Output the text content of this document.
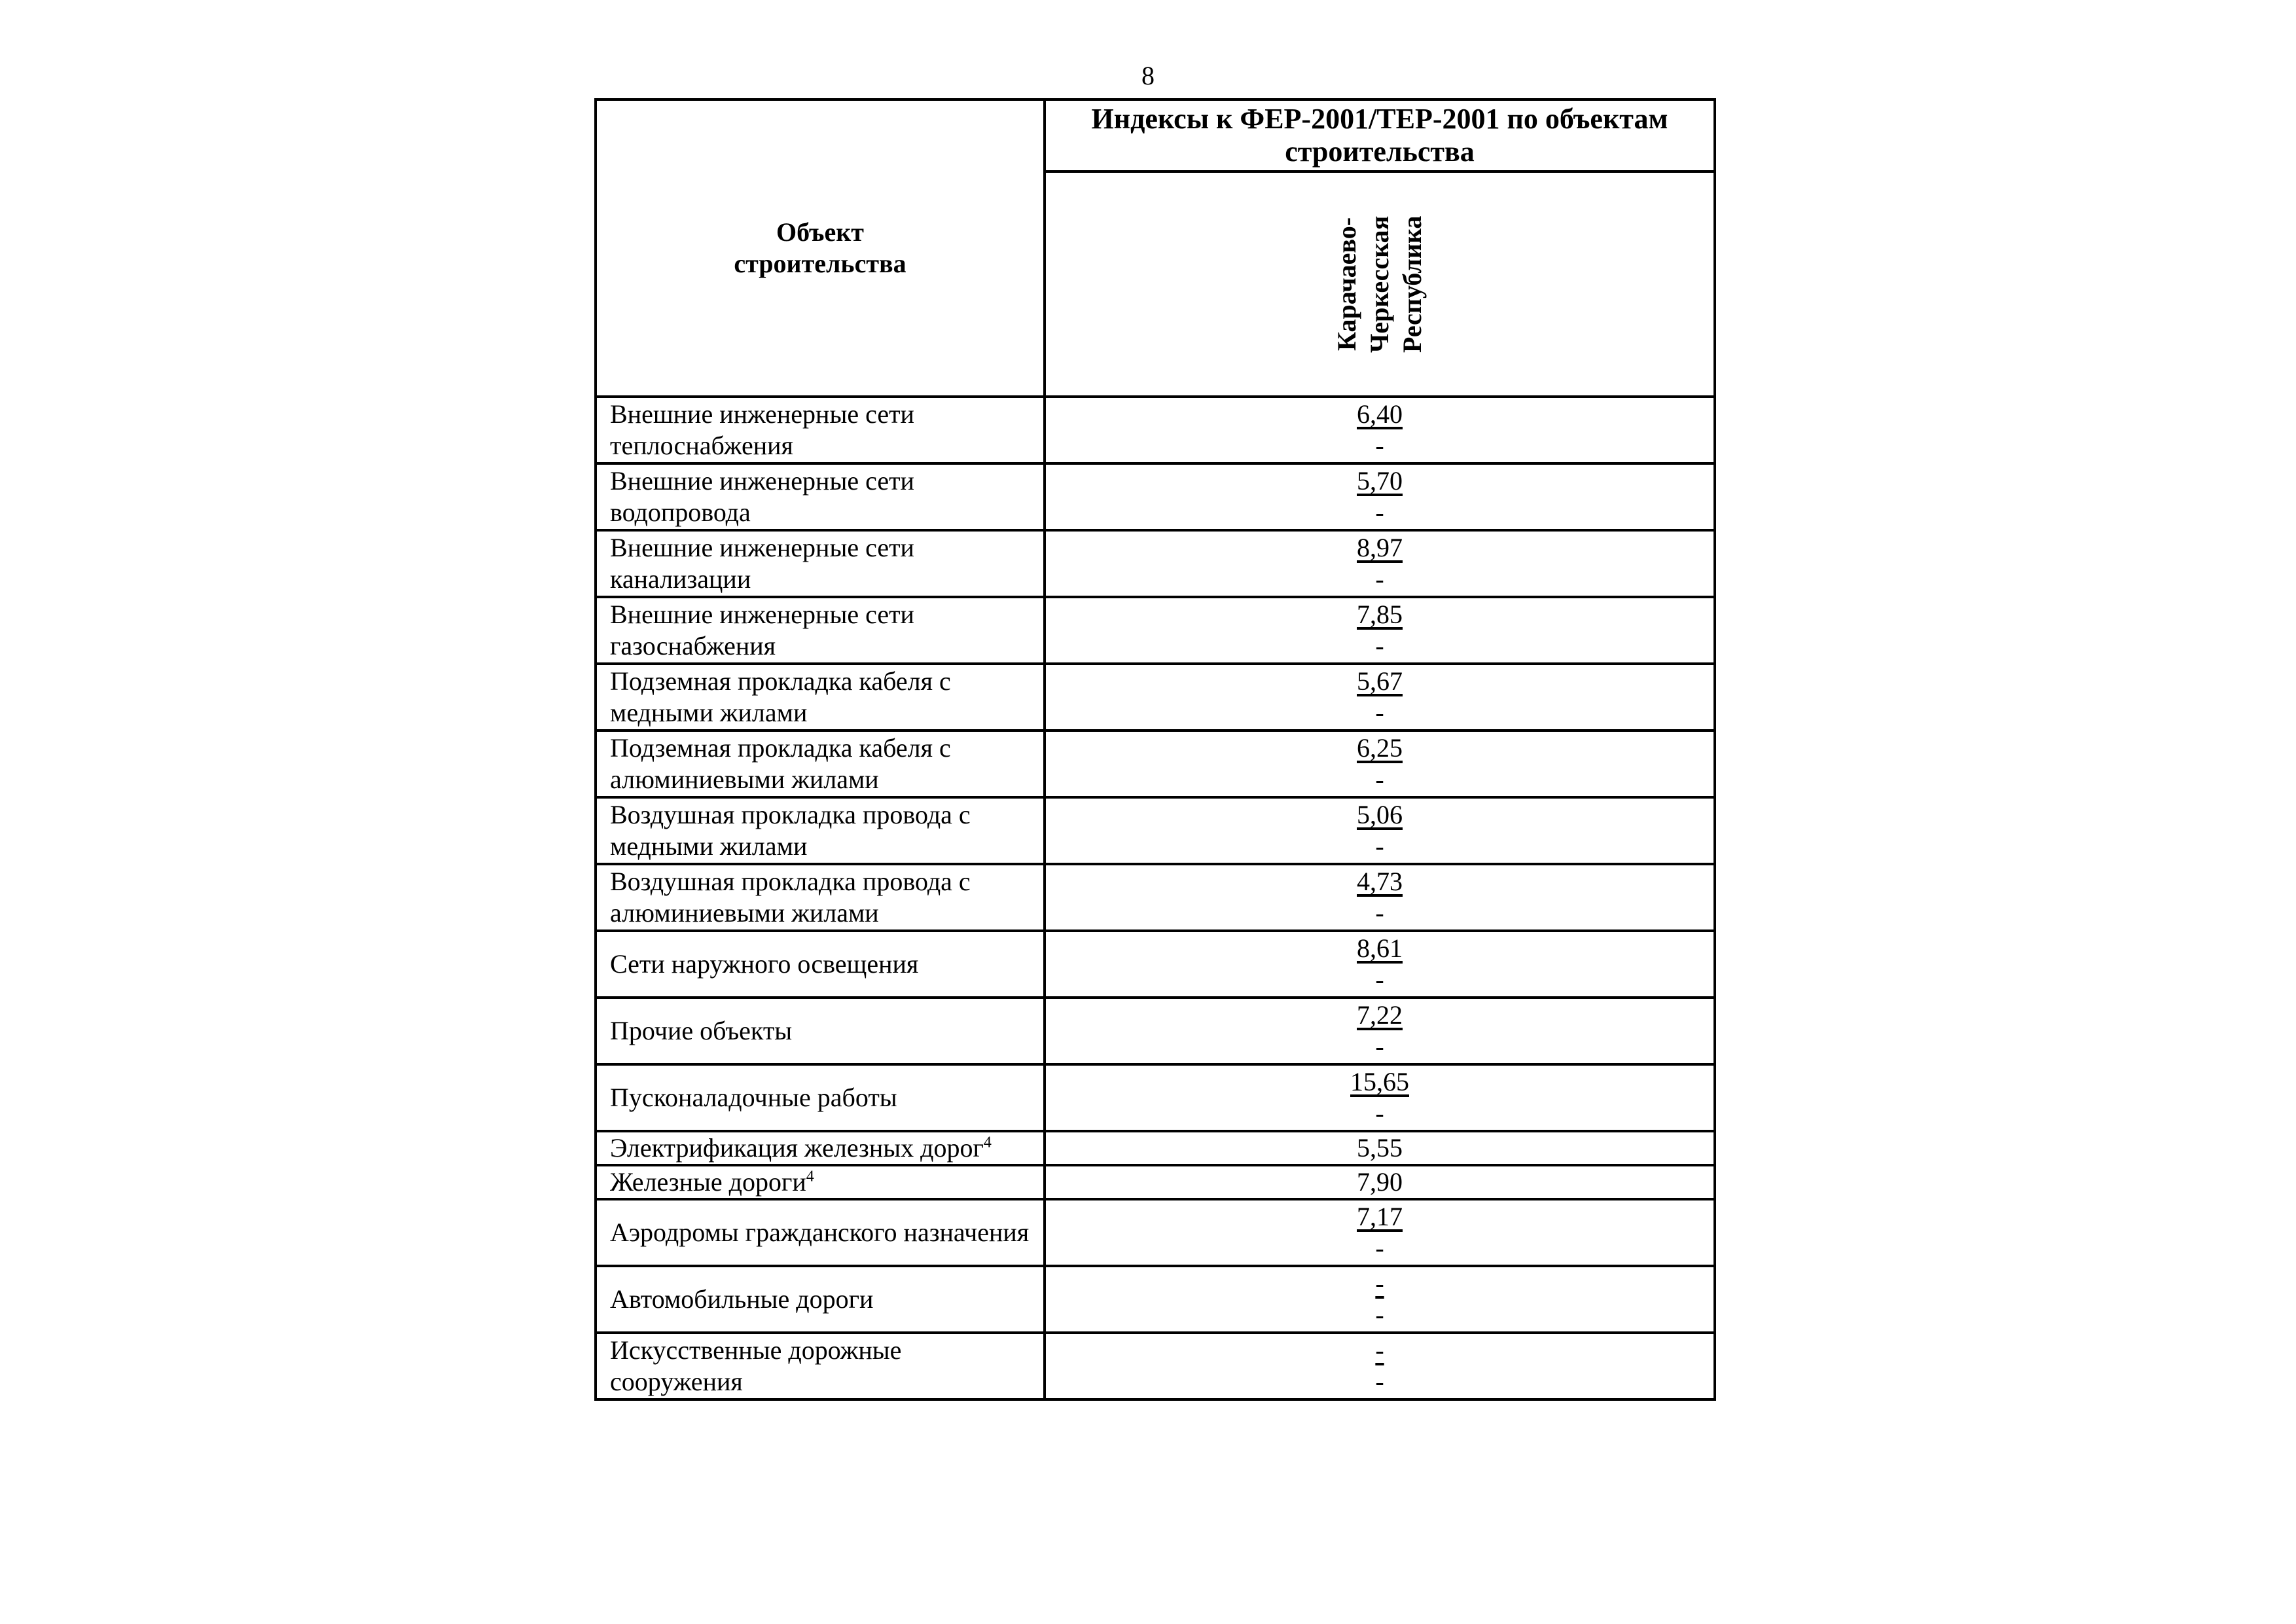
8
Объект строительства	Индексы к ФЕР-2001/ТЕР-2001 по объектам строительства

	Карачаево-Черкесская Республика

Внешние инженерные сети теплоснабжения	6,40
-

Внешние инженерные сети водопровода	5,70
-

Внешние инженерные сети канализации	8,97
-

Внешние инженерные сети газоснабжения	7,85
-

Подземная прокладка кабеля с медными жилами	5,67
-

Подземная прокладка кабеля с алюминиевыми жилами	6,25
-

Воздушная прокладка провода с медными жилами	5,06
-

Воздушная прокладка провода с алюминиевыми жилами	4,73
-

Сети наружного освещения	8,61
-

Прочие объекты	7,22
-

Пусконаладочные работы	15,65
-

Электрификация железных дорог$^4$	5,55
Железные дороги$^4$	7,90
Аэродромы гражданского назначения	7,17
-

Автомобильные дороги	-
-

Искусственные дорожные сооружения	-
-
